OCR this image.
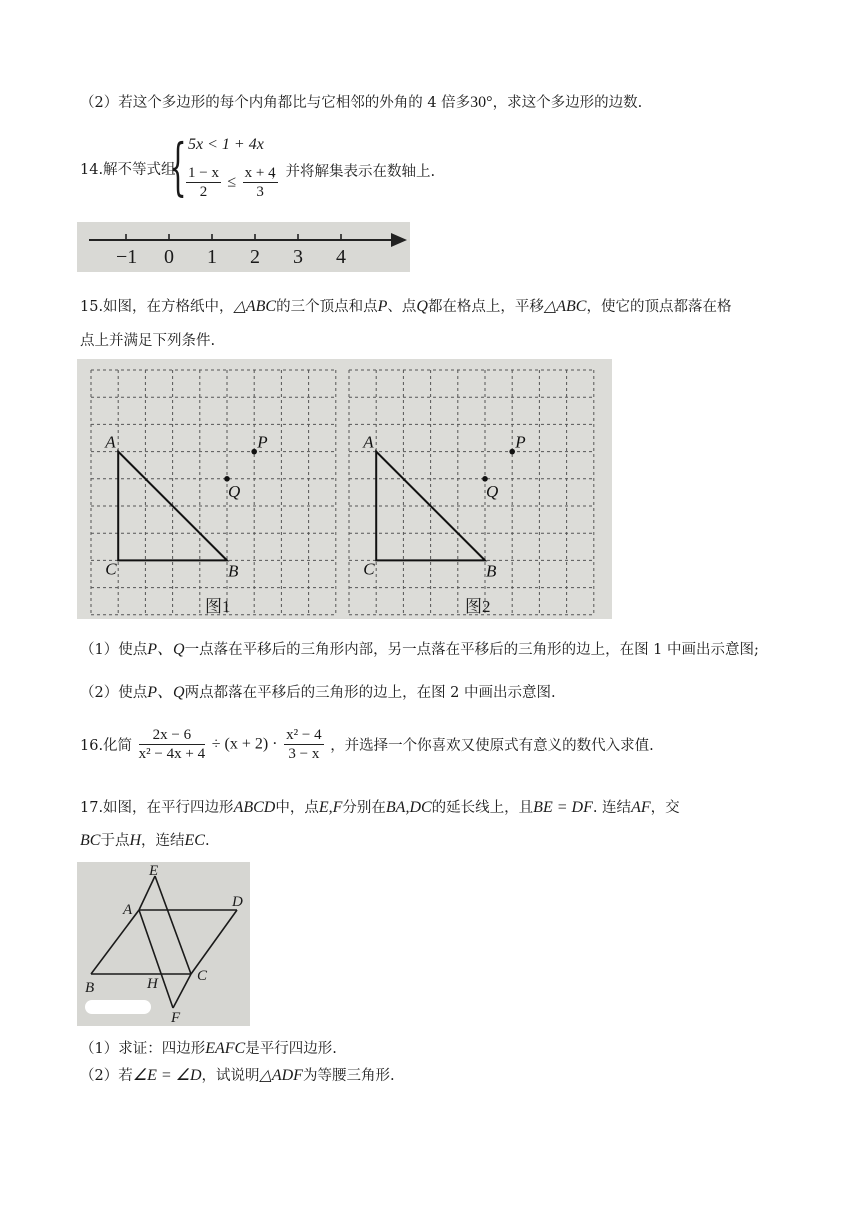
（2）若这个多边形的每个内角都比与它相邻的外角的 4 倍多30°，求这个多边形的边数.
14.解不等式组
{ 5x < 1 + 4x
$\frac{1 - x}{2} \le \frac{x + 4}{3}$
，并将解集表示在数轴上.
−1 0 1 2 3 4
15.如图，在方格纸中，△ABC的三个顶点和点P、点Q都在格点上，平移△ABC，使它的顶点都落在格
点上并满足下列条件.
A
C	B
P
Q
A
C	B
P
Q
图1	图2
（1）使点P、Q一点落在平移后的三角形内部，另一点落在平移后的三角形的边上，在图 1 中画出示意图;
（2）使点P、Q两点都落在平移后的三角形的边上，在图 2 中画出示意图.
16.化简 $\frac{2x - 6}{\text{x² − 4x + 4}} \div (x + 2) \cdot \frac{\text{x² − 4}}{3 - x}$ ，并选择一个你喜欢又使原式有意义的数代入求值.
17.如图，在平行四边形ABCD中，点E,F分别在BA,DC的延长线上，且BE = DF. 连结AF，交
BC于点H，连结EC.
E
A	D
H	C
B
F
（1）求证：四边形EAFC是平行四边形.
（2）若∠E = ∠D，试说明△ADF为等腰三角形.
